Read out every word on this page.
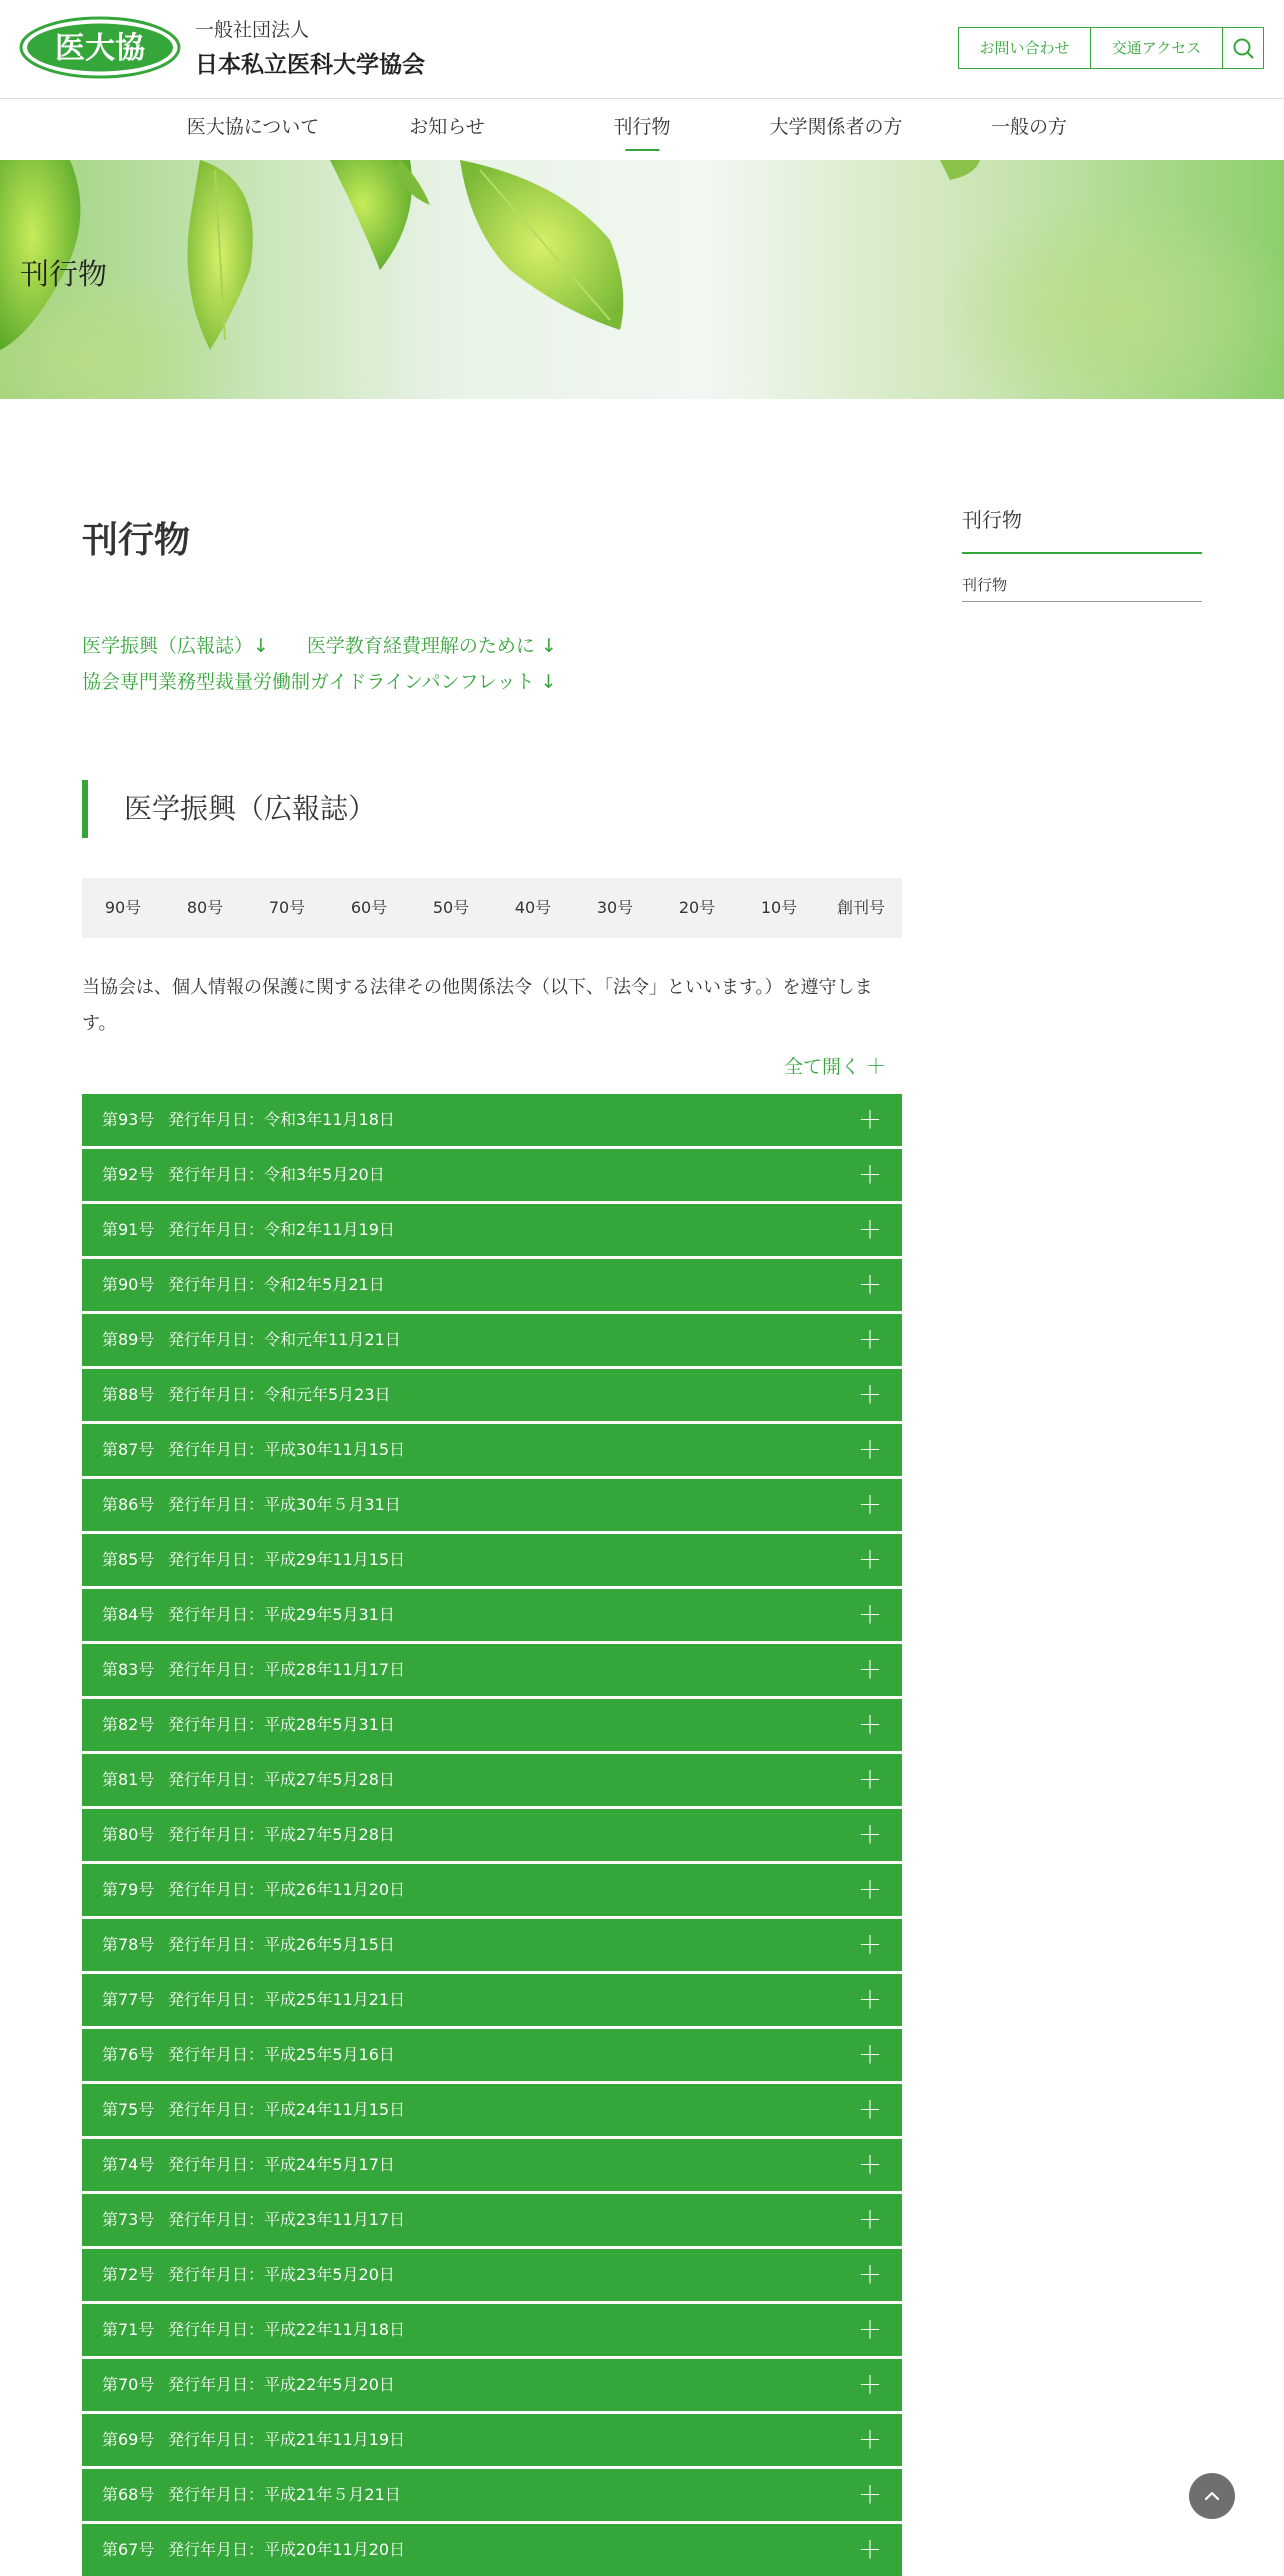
医大協
一般社団法人
日本私立医科大学協会
お問い合わせ	交通アクセス
医大協について	お知らせ	刊行物	大学関係者の方	一般の方
刊行物
刊行物
医学振興（広報誌）↓ 医学教育経費理解のために ↓
協会専門業務型裁量労働制ガイドラインパンフレット ↓
医学振興（広報誌）
90号	80号	70号	60号	50号	40号	30号	20号	10号	創刊号

当協会は、個人情報の保護に関する法律その他関係法令（以下、「法令」といいます。）を遵守します。

全て開く ＋
第93号 発行年月日：令和3年11月18日	＋
第92号 発行年月日：令和3年5月20日	＋
第91号 発行年月日：令和2年11月19日	＋
第90号 発行年月日：令和2年5月21日	＋
第89号 発行年月日：令和元年11月21日	＋
第88号 発行年月日：令和元年5月23日	＋
第87号 発行年月日：平成30年11月15日	＋
第86号 発行年月日：平成30年５月31日	＋
第85号 発行年月日：平成29年11月15日	＋
第84号 発行年月日：平成29年5月31日	＋
第83号 発行年月日：平成28年11月17日	＋
第82号 発行年月日：平成28年5月31日	＋
第81号 発行年月日：平成27年5月28日	＋
第80号 発行年月日：平成27年5月28日	＋
第79号 発行年月日：平成26年11月20日	＋
第78号 発行年月日：平成26年5月15日	＋
第77号 発行年月日：平成25年11月21日	＋
第76号 発行年月日：平成25年5月16日	＋
第75号 発行年月日：平成24年11月15日	＋
第74号 発行年月日：平成24年5月17日	＋
第73号 発行年月日：平成23年11月17日	＋
第72号 発行年月日：平成23年5月20日	＋
第71号 発行年月日：平成22年11月18日	＋
第70号 発行年月日：平成22年5月20日	＋
第69号 発行年月日：平成21年11月19日	＋
第68号 発行年月日：平成21年５月21日	＋
第67号 発行年月日：平成20年11月20日	＋
刊行物
刊行物
